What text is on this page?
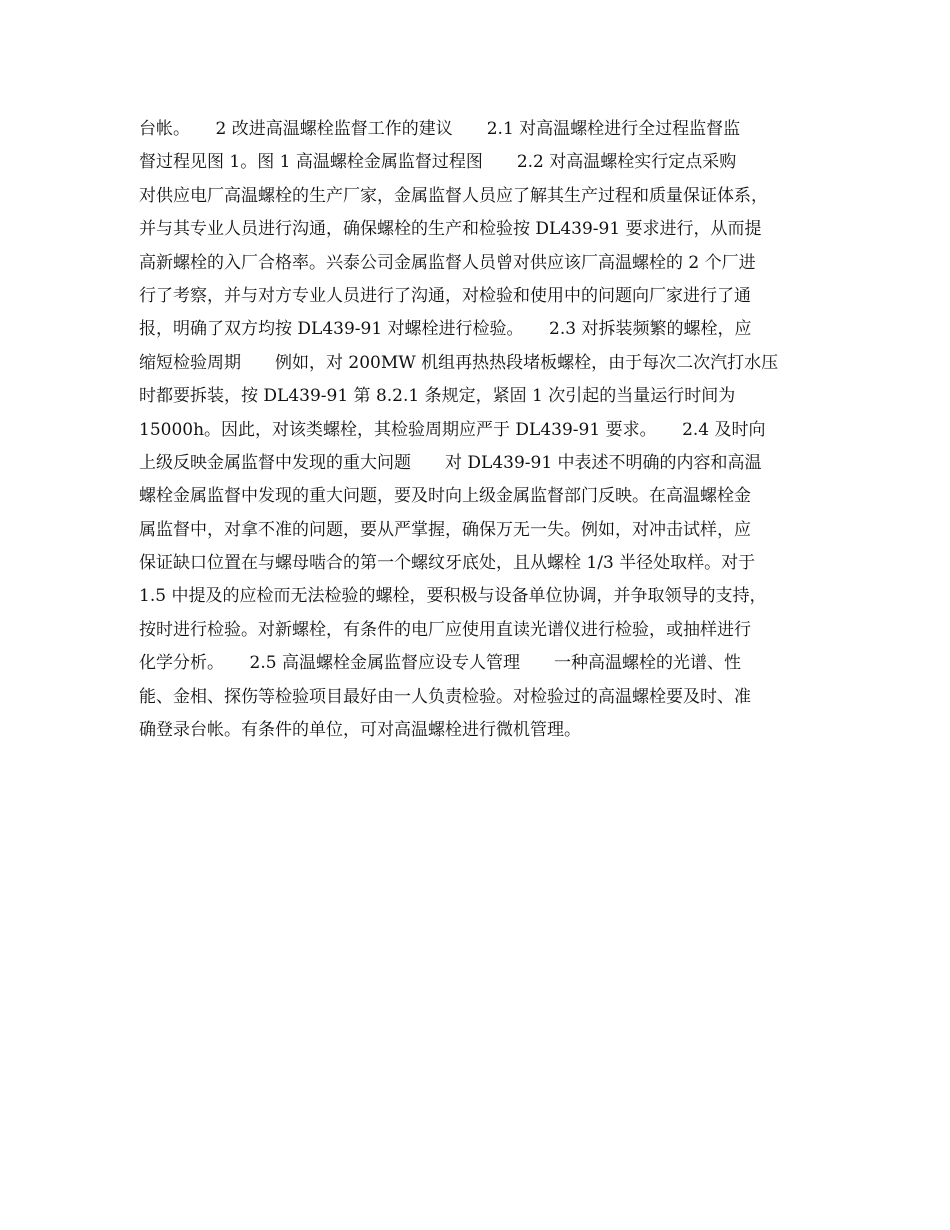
台帐。　　2 改进高温螺栓监督工作的建议　　2.1 对高温螺栓进行全过程监督监
督过程见图 1。图 1 高温螺栓金属监督过程图　　2.2 对高温螺栓实行定点采购
对供应电厂高温螺栓的生产厂家，金属监督人员应了解其生产过程和质量保证体系，
并与其专业人员进行沟通，确保螺栓的生产和检验按 DL439-91 要求进行，从而提
高新螺栓的入厂合格率。兴泰公司金属监督人员曾对供应该厂高温螺栓的 2 个厂进
行了考察，并与对方专业人员进行了沟通，对检验和使用中的问题向厂家进行了通
报，明确了双方均按 DL439-91 对螺栓进行检验。　　2.3 对拆装频繁的螺栓，应
缩短检验周期　　例如，对 200MW 机组再热热段堵板螺栓，由于每次二次汽打水压
时都要拆装，按 DL439-91 第 8.2.1 条规定，紧固 1 次引起的当量运行时间为
15000h。因此，对该类螺栓，其检验周期应严于 DL439-91 要求。　　2.4 及时向
上级反映金属监督中发现的重大问题　　对 DL439-91 中表述不明确的内容和高温
螺栓金属监督中发现的重大问题，要及时向上级金属监督部门反映。在高温螺栓金
属监督中，对拿不准的问题，要从严掌握，确保万无一失。例如，对冲击试样，应
保证缺口位置在与螺母啮合的第一个螺纹牙底处，且从螺栓 1/3 半径处取样。对于
1.5 中提及的应检而无法检验的螺栓，要积极与设备单位协调，并争取领导的支持，
按时进行检验。对新螺栓，有条件的电厂应使用直读光谱仪进行检验，或抽样进行
化学分析。　　2.5 高温螺栓金属监督应设专人管理　　一种高温螺栓的光谱、性
能、金相、探伤等检验项目最好由一人负责检验。对检验过的高温螺栓要及时、准
确登录台帐。有条件的单位，可对高温螺栓进行微机管理。
